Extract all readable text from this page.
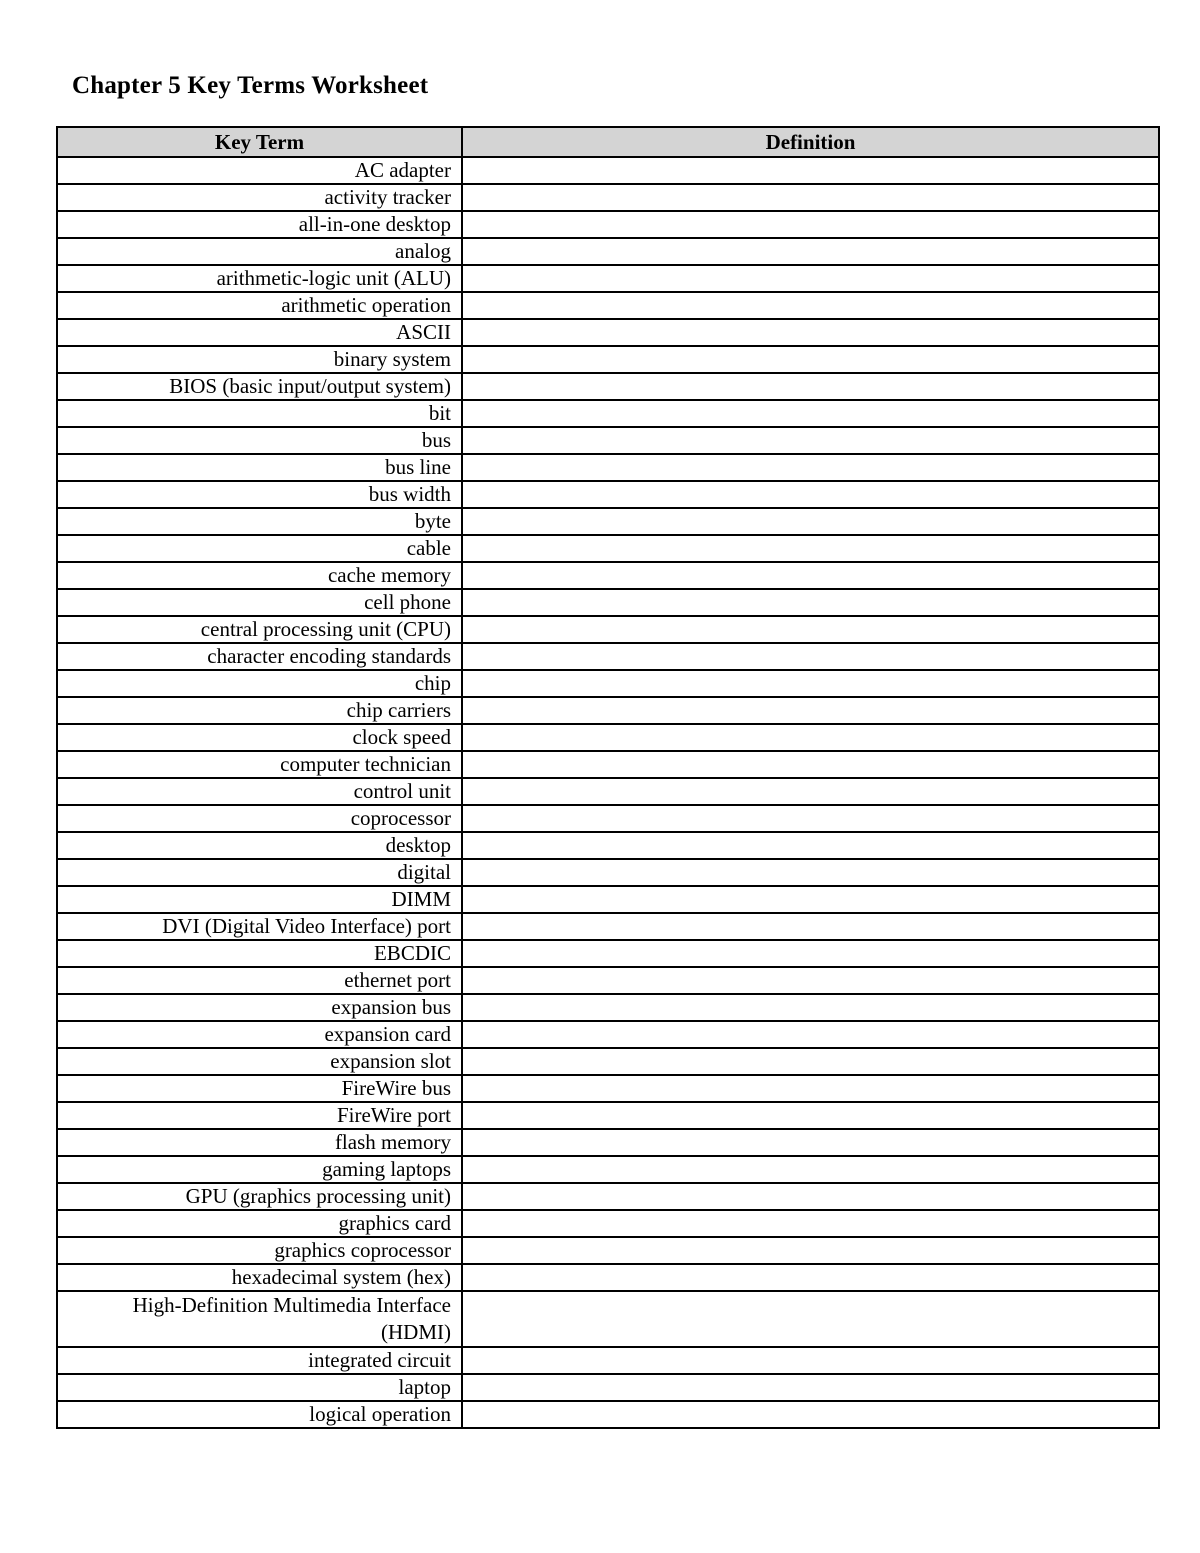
Chapter 5 Key Terms Worksheet
Key Term	Definition
AC adapter	
activity tracker	
all-in-one desktop	
analog	
arithmetic-logic unit (ALU)	
arithmetic operation	
ASCII	
binary system	
BIOS (basic input/output system)	
bit	
bus	
bus line	
bus width	
byte	
cable	
cache memory	
cell phone	
central processing unit (CPU)	
character encoding standards	
chip	
chip carriers	
clock speed	
computer technician	
control unit	
coprocessor	
desktop	
digital	
DIMM	
DVI (Digital Video Interface) port	
EBCDIC	
ethernet port	
expansion bus	
expansion card	
expansion slot	
FireWire bus	
FireWire port	
flash memory	
gaming laptops	
GPU (graphics processing unit)	
graphics card	
graphics coprocessor	
hexadecimal system (hex)	
High-Definition Multimedia Interface (HDMI)	
integrated circuit	
laptop	
logical operation	
